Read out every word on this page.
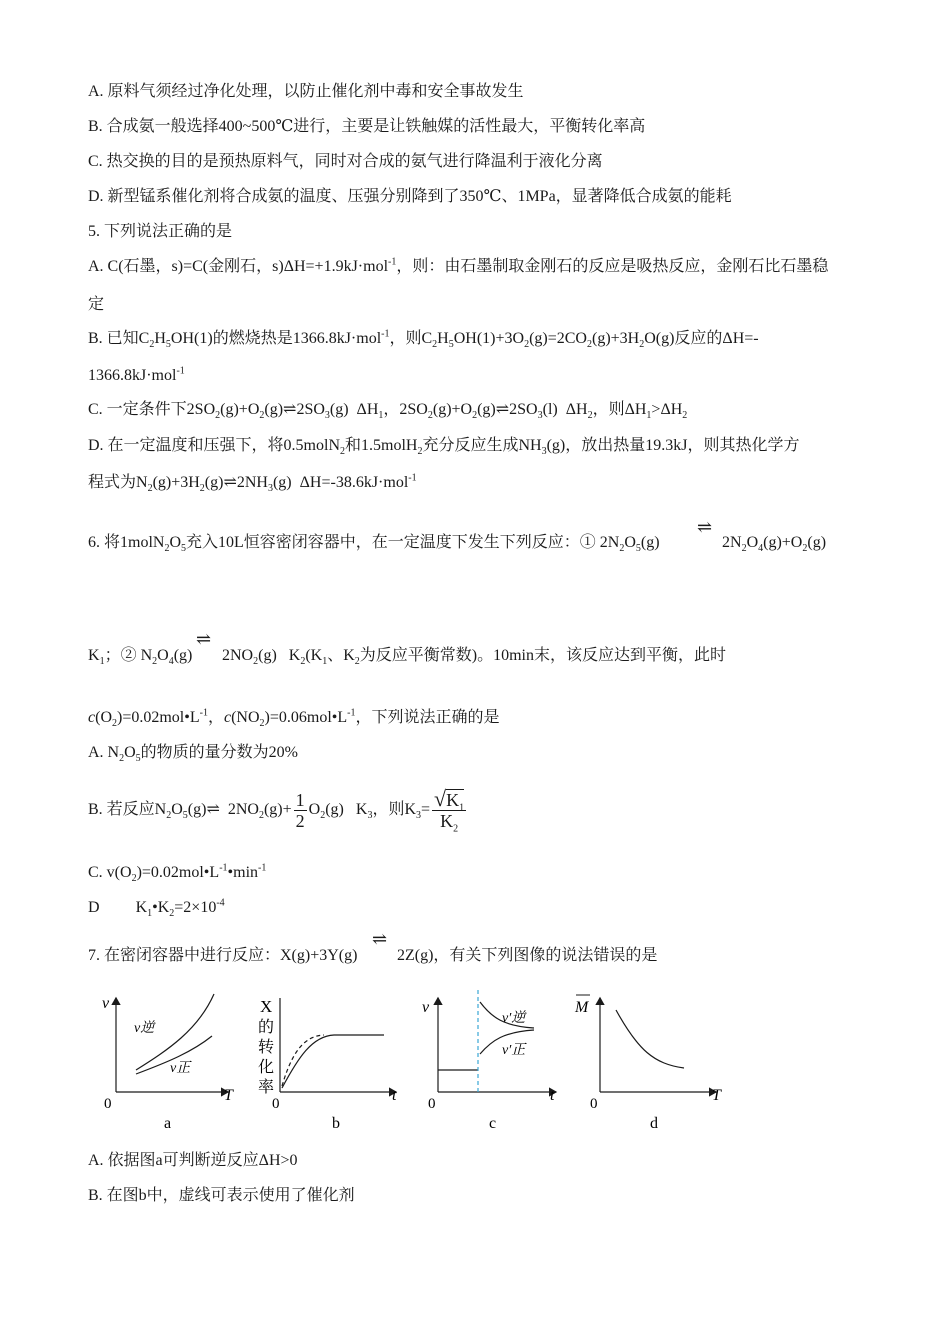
A. 原料气须经过净化处理，以防止催化剂中毒和安全事故发生
B. 合成氨一般选择400~500℃进行，主要是让铁触媒的活性最大，平衡转化率高
C. 热交换的目的是预热原料气，同时对合成的氨气进行降温利于液化分离
D. 新型锰系催化剂将合成氨的温度、压强分别降到了350℃、1MPa，显著降低合成氨的能耗
5. 下列说法正确的是
A. C(石墨，s)=C(金刚石，s)ΔH=+1.9kJ·mol$^{-1}$，则：由石墨制取金刚石的反应是吸热反应，金刚石比石墨稳
定
B. 已知$C_2H_5OH(1)$的燃烧热是1366.8kJ·mol$^{-1}$，则$C_2H_5OH(1)+3O_2(g)=2CO_2(g)+3H_2O(g)$反应的ΔH=-
1366.8kJ·mol$^{-1}$
C. 一定条件下$2SO_2(g)+O_2(g)\rightleftharpoons 2SO_3(g)$  $\Delta H_1$，$2SO_2(g)+O_2(g)\rightleftharpoons 2SO_3(l)$  $\Delta H_2$，则$\Delta H_1>\Delta H_2$
D. 在一定温度和压强下，将0.5molN$_2$和1.5molH$_2$充分反应生成$NH_3(g)$，放出热量19.3kJ，则其热化学方
程式为$N_2(g)+3H_2(g)\rightleftharpoons 2NH_3(g)$  ΔH=-38.6kJ·mol$^{-1}$
6. 将$1molN_2O_5$充入10L恒容密闭容器中，在一定温度下发生下列反应：① $2N_2O_5(g)$
⇌
$2N_2O_4(g)+O_2(g)$
$K_1$；② $N_2O_4(g)$
⇌
$2NO_2(g)$   $K_2(K_1$、$K_2$为反应平衡常数)。10min末，该反应达到平衡，此时
$c(O_2)=0.02mol•L^{-1}$，$c(NO_2)=0.06mol•L^{-1}$，下列说法正确的是
A. $N_2O_5$的物质的量分数为20%
B. 若反应$N_2O_5(g)\rightleftharpoons$  $2NO_2(g)+ \frac{1}{2} O_2(g)$   $K_3$，则$K_3= \frac{√K_1}{K_2}$
C. $v(O_2)=0.02mol•L^{-1}•\min^{-1}$
D         $K_1•K_2=2\times 10^{-4}$
7. 在密闭容器中进行反应：X(g)+3Y(g)
⇌
2Z(g)，有关下列图像的说法错误的是
v
T
0
v逆
v正
a
X
的
转
化
率	t
0
b
v
t
0
v′逆
v′正
c
M
T
0
d
A. 依据图a可判断逆反应ΔH>0
B. 在图b中，虚线可表示使用了催化剂
